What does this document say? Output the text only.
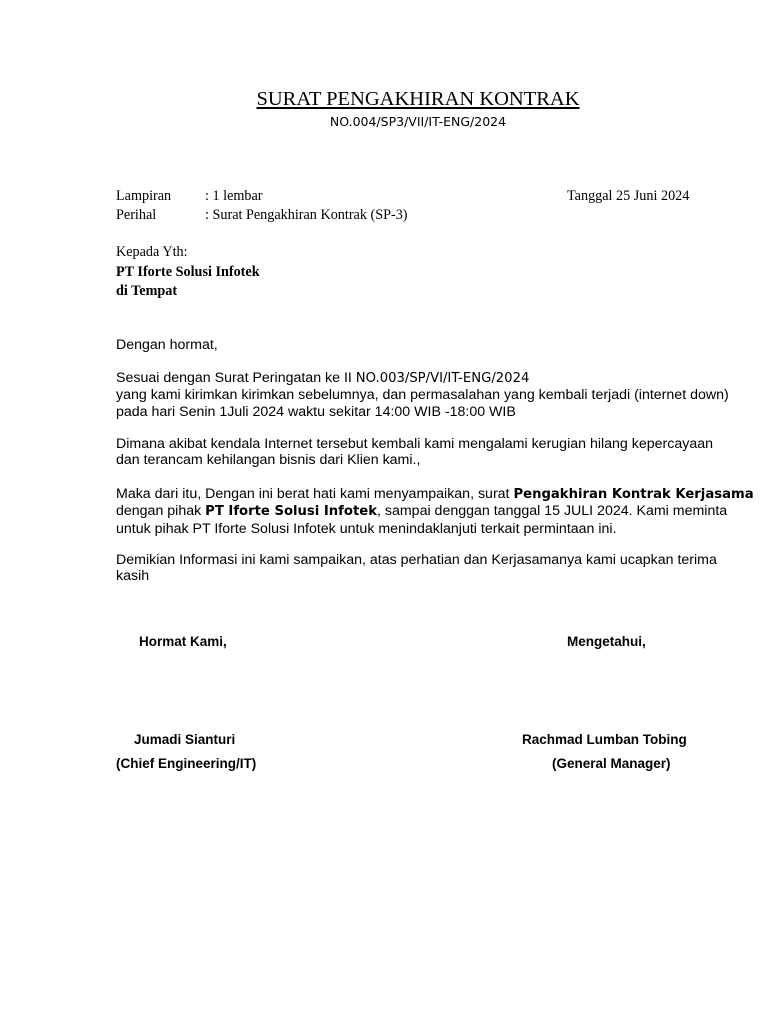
SURAT PENGAKHIRAN KONTRAK
NO.004/SP3/VII/IT-ENG/2024
Lampiran : 1 lembar	Tanggal 25 Juni 2024
Perihal	: Surat Pengakhiran Kontrak (SP-3)
Kepada Yth:
PT Iforte Solusi Infotek
di Tempat
Dengan hormat,
Sesuai dengan Surat Peringatan ke II NO.003/SP/VI/IT-ENG/2024
yang kami kirimkan kirimkan sebelumnya, dan permasalahan yang kembali terjadi (internet down)
pada hari Senin 1Juli 2024 waktu sekitar 14:00 WIB -18:00 WIB
Dimana akibat kendala Internet tersebut kembali kami mengalami kerugian hilang kepercayaan
dan terancam kehilangan bisnis dari Klien kami.,
Maka dari itu, Dengan ini berat hati kami menyampaikan, surat Pengakhiran Kontrak Kerjasama
dengan pihak PT Iforte Solusi Infotek, sampai denggan tanggal 15 JULI 2024. Kami meminta
untuk pihak PT Iforte Solusi Infotek untuk menindaklanjuti terkait permintaan ini.
Demikian Informasi ini kami sampaikan, atas perhatian dan Kerjasamanya kami ucapkan terima
kasih
Hormat Kami,	Mengetahui,
Jumadi Sianturi	Rachmad Lumban Tobing
(Chief Engineering/IT)	(General Manager)
